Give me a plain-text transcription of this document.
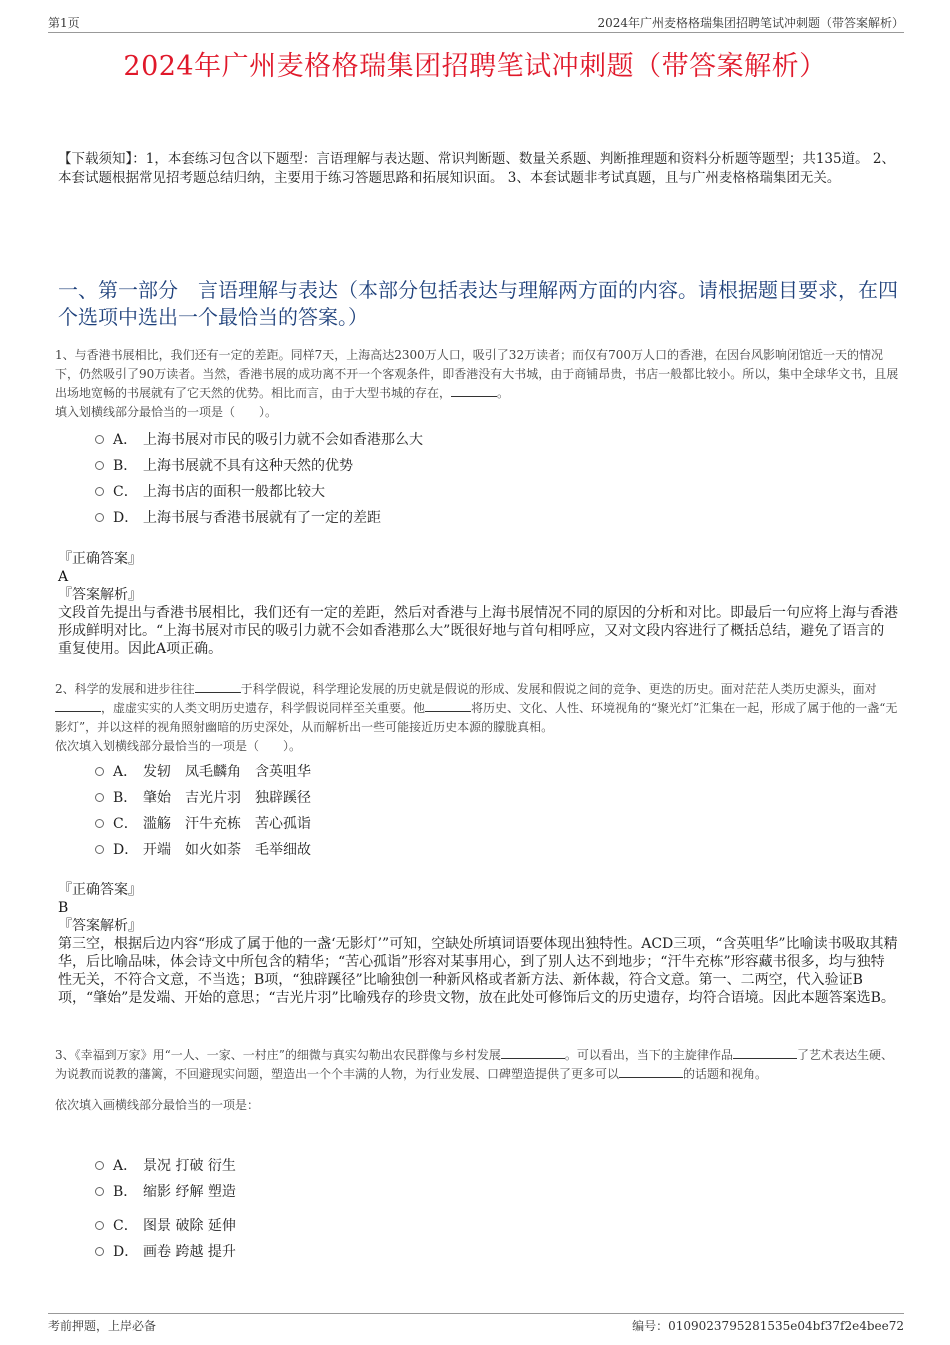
第1页	2024年广州麦格格瑞集团招聘笔试冲刺题（带答案解析）
2024年广州麦格格瑞集团招聘笔试冲刺题（带答案解析）
【下载须知】：1，本套练习包含以下题型：言语理解与表达题、常识判断题、数量关系题、判断推理题和资料分析题等题型；共135道。 2、本套试题根据常见招考题总结归纳，主要用于练习答题思路和拓展知识面。 3、本套试题非考试真题，且与广州麦格格瑞集团无关。
一、第一部分　言语理解与表达（本部分包括表达与理解两方面的内容。请根据题目要求，在四个选项中选出一个最恰当的答案。）
1、与香港书展相比，我们还有一定的差距。同样7天，上海高达2300万人口，吸引了32万读者；而仅有700万人口的香港，在因台风影响闭馆近一天的情况下，仍然吸引了90万读者。当然，香港书展的成功离不开一个客观条件，即香港没有大书城，由于商铺昂贵，书店一般都比较小。所以，集中全球华文书，且展出场地宽畅的书展就有了它天然的优势。相比而言，由于大型书城的存在，	。
填入划横线部分最恰当的一项是（　　）。
A． 上海书展对市民的吸引力就不会如香港那么大
B． 上海书展就不具有这种天然的优势
C． 上海书店的面积一般都比较大
D． 上海书展与香港书展就有了一定的差距
『正确答案』
A
『答案解析』
文段首先提出与香港书展相比，我们还有一定的差距，然后对香港与上海书展情况不同的原因的分析和对比。即最后一句应将上海与香港形成鲜明对比。“上海书展对市民的吸引力就不会如香港那么大”既很好地与首句相呼应，又对文段内容进行了概括总结，避免了语言的重复使用。因此A项正确。
2、科学的发展和进步往往	于科学假说，科学理论发展的历史就是假说的形成、发展和假说之间的竞争、更迭的历史。面对茫茫人类历史源头，面对，虚虚实实的人类文明历史遗存，科学假说同样至关重要。他	将历史、文化、人性、环境视角的“聚光灯”汇集在一起，形成了属于他的一盏“无影灯”，并以这样的视角照射幽暗的历史深处，从而解析出一些可能接近历史本源的朦胧真相。
依次填入划横线部分最恰当的一项是（　　）。
A． 发轫　凤毛麟角　含英咀华
B． 肇始　吉光片羽　独辟蹊径
C． 滥觞　汗牛充栋　苦心孤诣
D． 开端　如火如荼　毛举细故
『正确答案』
B
『答案解析』
第三空，根据后边内容“形成了属于他的一盏‘无影灯’”可知，空缺处所填词语要体现出独特性。ACD三项，“含英咀华”比喻读书吸取其精华，后比喻品味，体会诗文中所包含的精华；“苦心孤诣”形容对某事用心，到了别人达不到地步；“汗牛充栋”形容藏书很多，均与独特性无关，不符合文意，不当选；B项，“独辟蹊径”比喻独创一种新风格或者新方法、新体裁，符合文意。第一、二两空，代入验证B项，“肇始”是发端、开始的意思；“吉光片羽”比喻残存的珍贵文物，放在此处可修饰后文的历史遗存，均符合语境。因此本题答案选B。
3、《幸福到万家》用“一人、一家、一村庄”的细微与真实勾勒出农民群像与乡村发展	。可以看出，当下的主旋律作品	了艺术表达生硬、为说教而说教的藩篱，不回避现实问题，塑造出一个个丰满的人物，为行业发展、口碑塑造提供了更多可以	的话题和视角。
依次填入画横线部分最恰当的一项是：
A． 景况 打破 衍生
B． 缩影 纾解 塑造
C． 图景 破除 延伸
D． 画卷 跨越 提升
考前押题，上岸必备	编号：0109023795281535e04bf37f2e4bee72
